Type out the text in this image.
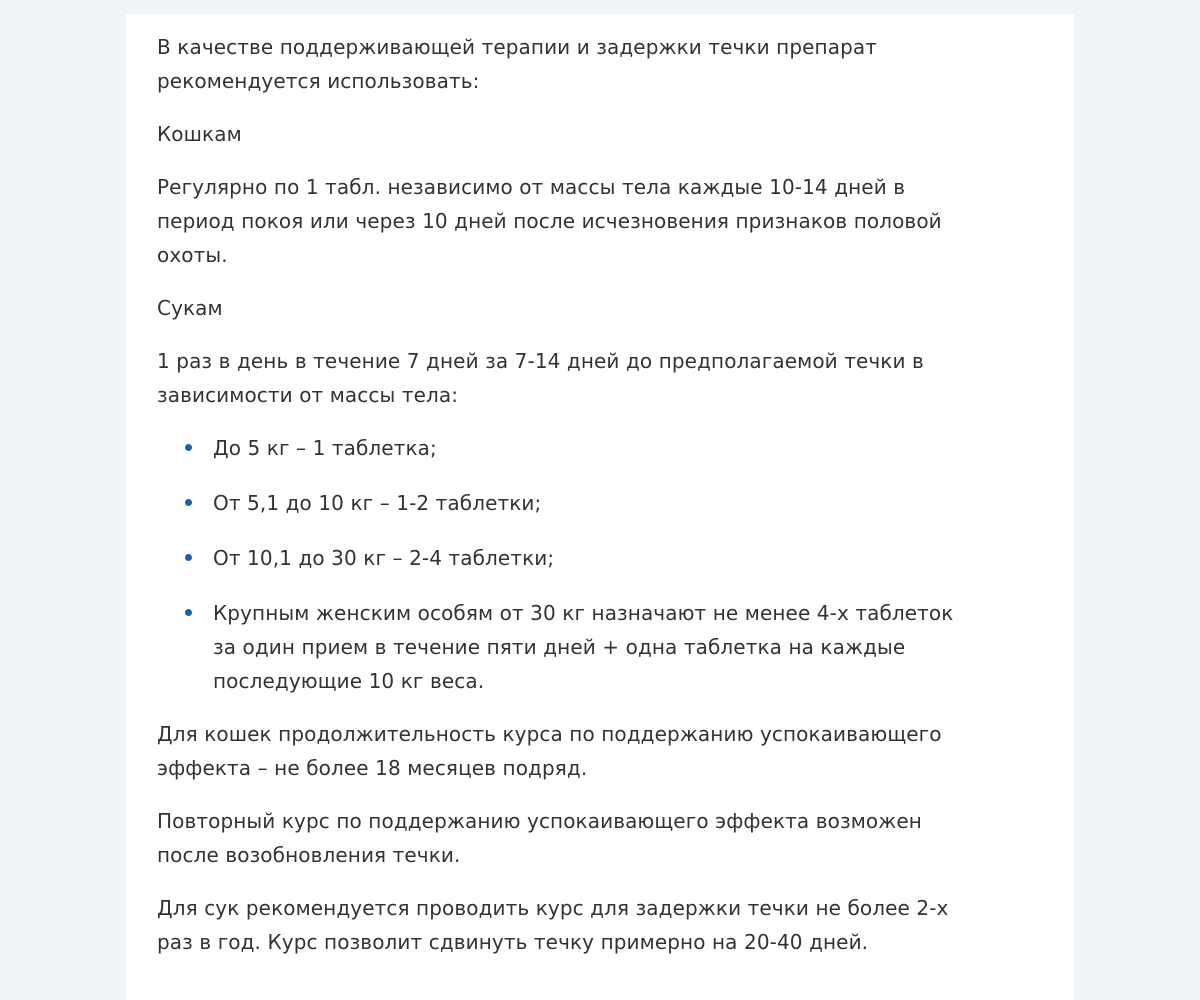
В качестве поддерживающей терапии и задержки течки препарат
рекомендуется использовать:

Кошкам

Регулярно по 1 табл. независимо от массы тела каждые 10-14 дней в
период покоя или через 10 дней после исчезновения признаков половой
охоты.

Сукам

1 раз в день в течение 7 дней за 7-14 дней до предполагаемой течки в
зависимости от массы тела:

До 5 кг – 1 таблетка;
От 5,1 до 10 кг – 1-2 таблетки;
От 10,1 до 30 кг – 2-4 таблетки;
Крупным женским особям от 30 кг назначают не менее 4-х таблеток
за один прием в течение пяти дней + одна таблетка на каждые
последующие 10 кг веса.

Для кошек продолжительность курса по поддержанию успокаивающего
эффекта – не более 18 месяцев подряд.

Повторный курс по поддержанию успокаивающего эффекта возможен
после возобновления течки.

Для сук рекомендуется проводить курс для задержки течки не более 2-х
раз в год. Курс позволит сдвинуть течку примерно на 20-40 дней.
